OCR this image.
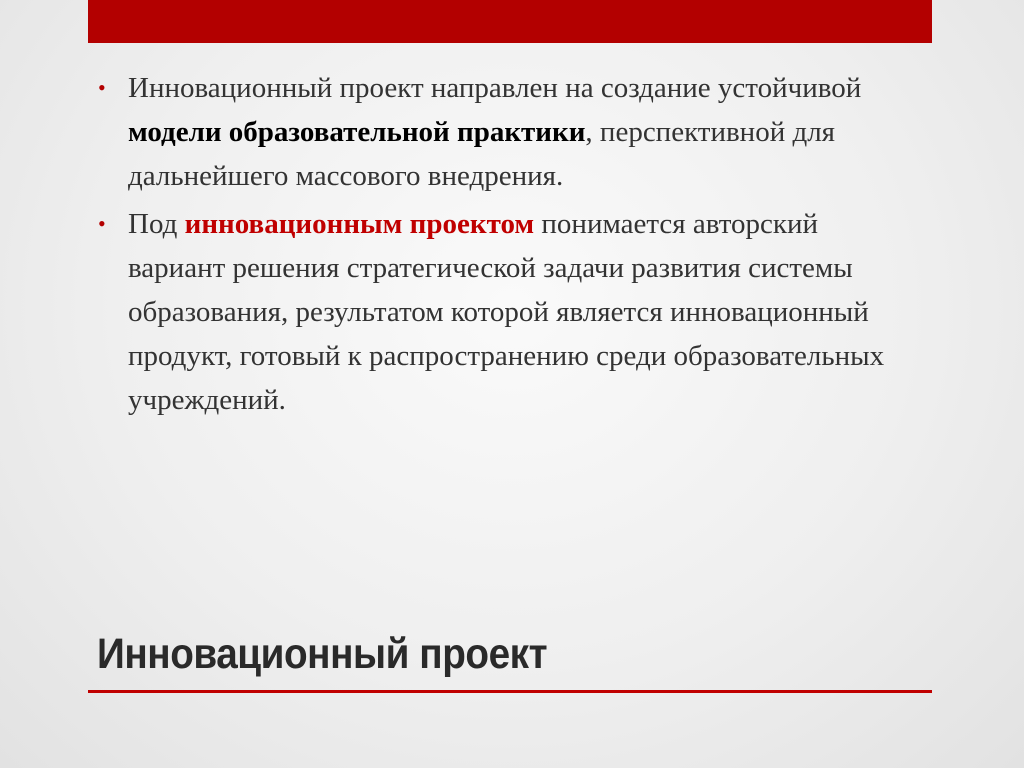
• Инновационный проект направлен на создание устойчивой модели образовательной практики, перспективной для дальнейшего массового внедрения.
• Под инновационным проектом понимается авторский вариант решения стратегической задачи развития системы образования, результатом которой является инновационный продукт, готовый к распространению среди образовательных учреждений.
Инновационный проект
